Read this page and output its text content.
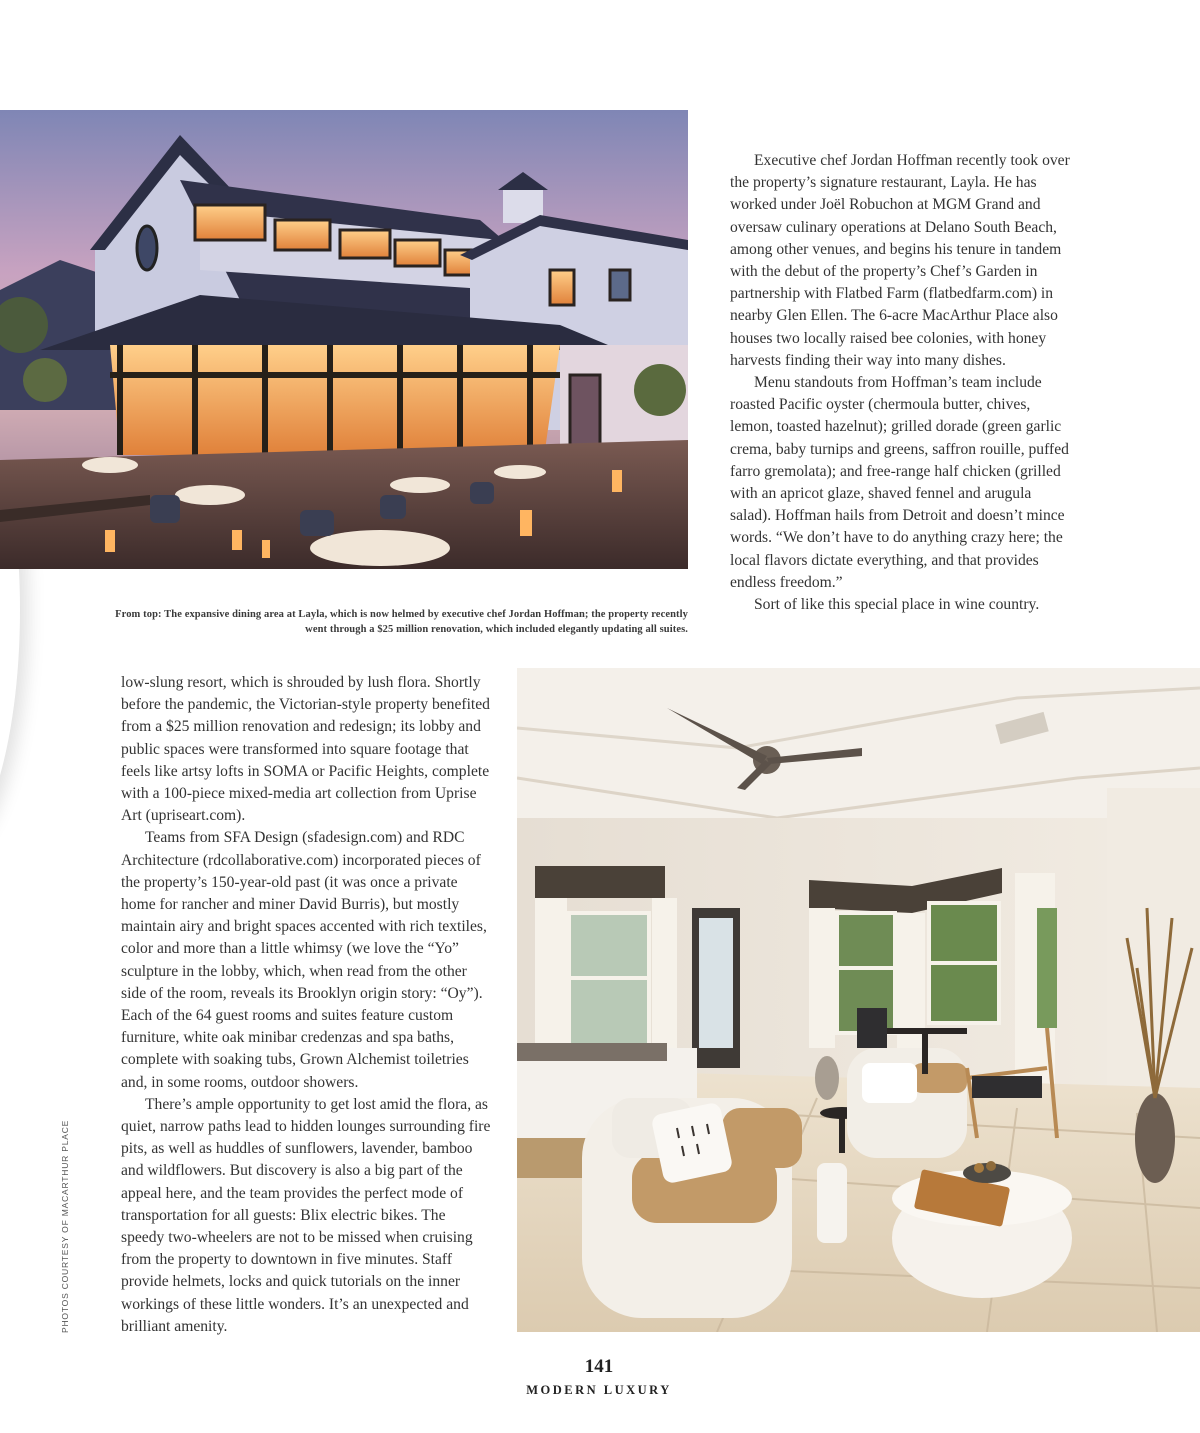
From top: The expansive dining area at Layla, which is now helmed by executive chef Jordan Hoffman; the property recently went through a $25 million renovation, which included elegantly updating all suites.

Executive chef Jordan Hoffman recently took over the property’s signature restaurant, Layla. He has worked under Joël Robuchon at MGM Grand and oversaw culinary operations at Delano South Beach, among other venues, and begins his tenure in tandem with the debut of the property’s Chef’s Garden in partnership with Flatbed Farm (flatbedfarm.com) in nearby Glen Ellen. The 6-acre MacArthur Place also houses two locally raised bee colonies, with honey harvests finding their way into many dishes.

Menu standouts from Hoffman’s team include roasted Pacific oyster (chermoula butter, chives, lemon, toasted hazelnut); grilled dorade (green garlic crema, baby turnips and greens, saffron rouille, puffed farro gremolata); and free-range half chicken (grilled with an apricot glaze, shaved fennel and arugula salad). Hoffman hails from Detroit and doesn’t mince words. “We don’t have to do anything crazy here; the local flavors dictate everything, and that provides endless freedom.”

Sort of like this special place in wine country.

low-slung resort, which is shrouded by lush flora. Shortly before the pandemic, the Victorian-style property benefited from a $25 million renovation and redesign; its lobby and public spaces were transformed into square footage that feels like artsy lofts in SOMA or Pacific Heights, complete with a 100-piece mixed-media art collection from Uprise Art (upriseart.com).

Teams from SFA Design (sfadesign.com) and RDC Architecture (rdcollaborative.com) incorporated pieces of the property’s 150-year-old past (it was once a private home for rancher and miner David Burris), but mostly maintain airy and bright spaces accented with rich textiles, color and more than a little whimsy (we love the “Yo” sculpture in the lobby, which, when read from the other side of the room, reveals its Brooklyn origin story: “Oy”). Each of the 64 guest rooms and suites feature custom furniture, white oak minibar credenzas and spa baths, complete with soaking tubs, Grown Alchemist toiletries and, in some rooms, outdoor showers.

There’s ample opportunity to get lost amid the flora, as quiet, narrow paths lead to hidden lounges surrounding fire pits, as well as huddles of sunflowers, lavender, bamboo and wildflowers. But discovery is also a big part of the appeal here, and the team provides the perfect mode of transportation for all guests: Blix electric bikes. The speedy two-wheelers are not to be missed when cruising from the property to downtown in five minutes. Staff provide helmets, locks and quick tutorials on the inner workings of these little wonders. It’s an unexpected and brilliant amenity.

PHOTOS COURTESY OF MACARTHUR PLACE
141
MODERN LUXURY
